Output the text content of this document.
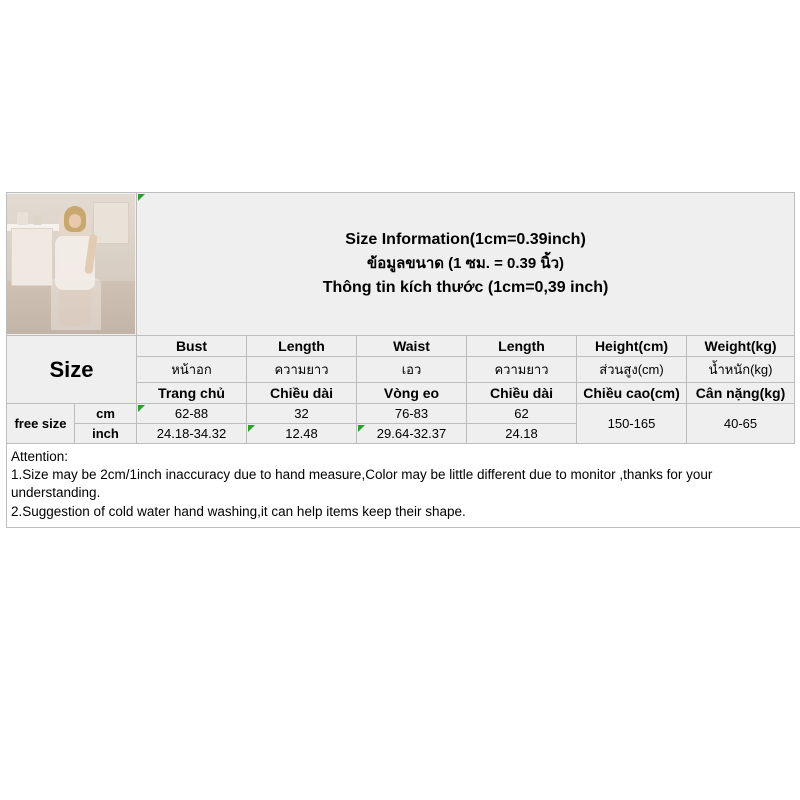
		Size Information(1cm=0.39inch)
ข้อมูลขนาด (1 ซม. = 0.39 นิ้ว)
Thông tin kích thước (1cm=0,39 inch)					

Size		Bust	Length	Waist	Length	Height(cm)	Weight(kg)
		หน้าอก	ความยาว	เอว	ความยาว	ส่วนสูง(cm)	น้ำหนัก(kg)
		Trang chủ	Chiều dài	Vòng eo	Chiều dài	Chiều cao(cm)	Cân nặng(kg)
free size	cm	62-88	32	76-83	62	150-165	40-65
	inch	24.18-34.32	12.48	29.64-32.37	24.18		
Attention:
1.Size may be 2cm/1inch inaccuracy due to hand measure,Color may be little different due to monitor ,thanks for your understanding.
2.Suggestion of cold water hand washing,it can help items keep their shape.
